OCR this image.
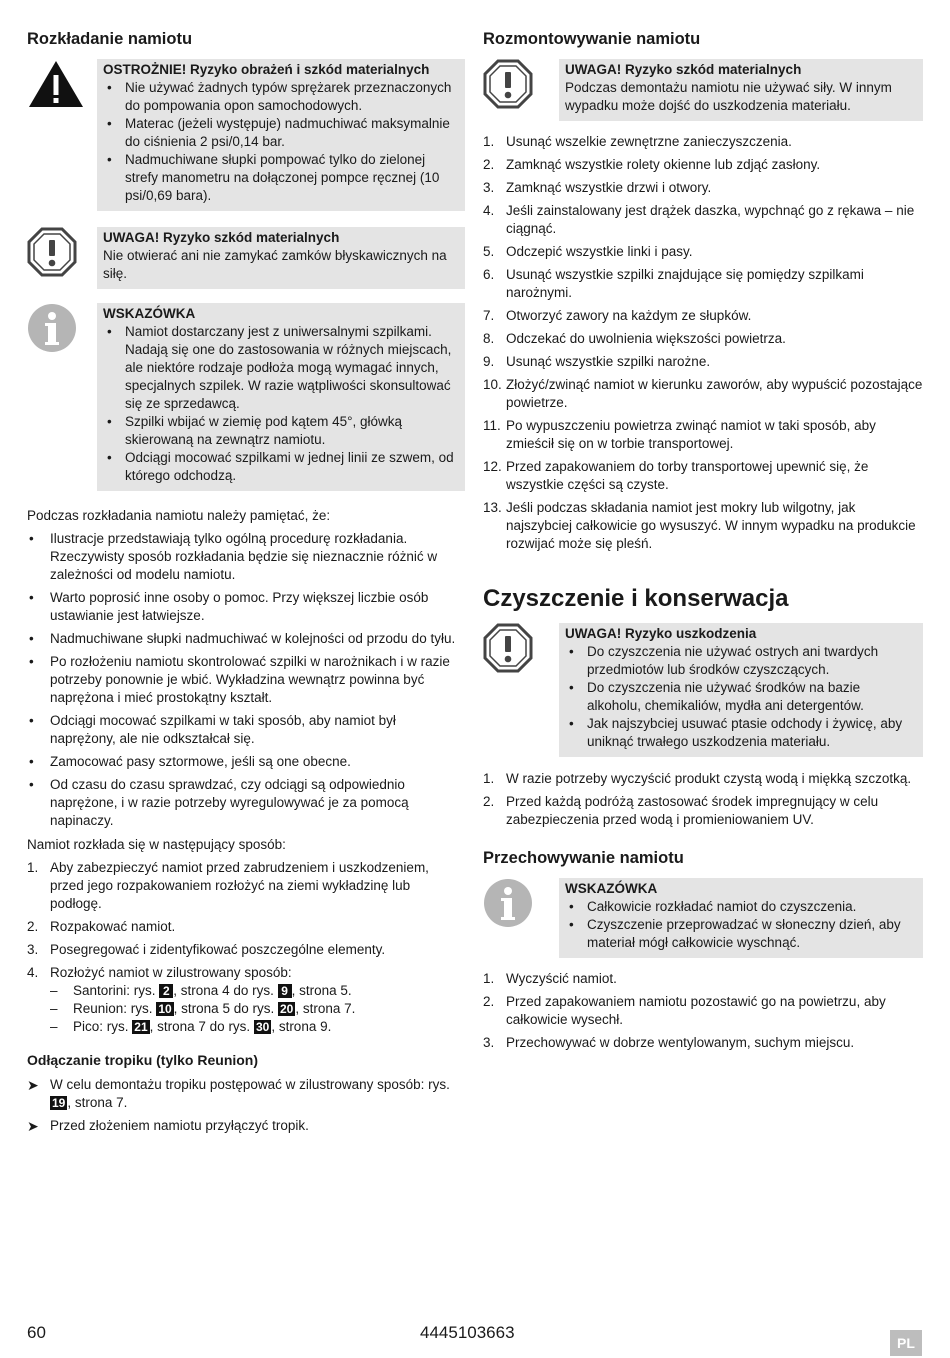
Rozkładanie namiotu
OSTROŻNIE! Ryzyko obrażeń i szkód materialnych
• Nie używać żadnych typów sprężarek przeznaczonych do pompowania opon samochodowych.
• Materac (jeżeli występuje) nadmuchiwać maksymalnie do ciśnienia 2 psi/0,14 bar.
• Nadmuchiwane słupki pompować tylko do zielonej strefy manometru na dołączonej pompce ręcznej (10 psi/0,69 bara).
UWAGA! Ryzyko szkód materialnych
Nie otwierać ani nie zamykać zamków błyskawicznych na siłę.
WSKAZÓWKA
• Namiot dostarczany jest z uniwersalnymi szpilkami. Nadają się one do zastosowania w różnych miejscach, ale niektóre rodzaje podłoża mogą wymagać innych, specjalnych szpilek. W razie wątpliwości skonsultować się ze sprzedawcą.
• Szpilki wbijać w ziemię pod kątem 45°, główką skierowaną na zewnątrz namiotu.
• Odciągi mocować szpilkami w jednej linii ze szwem, od którego odchodzą.
Podczas rozkładania namiotu należy pamiętać, że:
• Ilustracje przedstawiają tylko ogólną procedurę rozkładania. Rzeczywisty sposób rozkładania będzie się nieznacznie różnić w zależności od modelu namiotu.
• Warto poprosić inne osoby o pomoc. Przy większej liczbie osób ustawianie jest łatwiejsze.
• Nadmuchiwane słupki nadmuchiwać w kolejności od przodu do tyłu.
• Po rozłożeniu namiotu skontrolować szpilki w narożnikach i w razie potrzeby ponownie je wbić. Wykładzina wewnątrz powinna być naprężona i mieć prostokątny kształt.
• Odciągi mocować szpilkami w taki sposób, aby namiot był naprężony, ale nie odkształcał się.
• Zamocować pasy sztormowe, jeśli są one obecne.
• Od czasu do czasu sprawdzać, czy odciągi są odpowiednio naprężone, i w razie potrzeby wyregulowywać je za pomocą napinaczy.
Namiot rozkłada się w następujący sposób:
1. Aby zabezpieczyć namiot przed zabrudzeniem i uszkodzeniem, przed jego rozpakowaniem rozłożyć na ziemi wykładzinę lub podłogę.
2. Rozpakować namiot.
3. Posegregować i zidentyfikować poszczególne elementy.
4. Rozłożyć namiot w zilustrowany sposób:
– Santorini: rys. 2 , strona 4 do rys. 9 , strona 5.
– Reunion: rys. 10 , strona 5 do rys. 20 , strona 7.
– Pico: rys. 21 , strona 7 do rys. 30 , strona 9.
Odłączanie tropiku (tylko Reunion)
➤ W celu demontażu tropiku postępować w zilustrowany sposób: rys. 19 , strona 7.
➤ Przed złożeniem namiotu przyłączyć tropik.
Rozmontowywanie namiotu
UWAGA! Ryzyko szkód materialnych
Podczas demontażu namiotu nie używać siły. W innym wypadku może dojść do uszkodzenia materiału.
1. Usunąć wszelkie zewnętrzne zanieczyszczenia.
2. Zamknąć wszystkie rolety okienne lub zdjąć zasłony.
3. Zamknąć wszystkie drzwi i otwory.
4. Jeśli zainstalowany jest drążek daszka, wypchnąć go z rękawa – nie ciągnąć.
5. Odczepić wszystkie linki i pasy.
6. Usunąć wszystkie szpilki znajdujące się pomiędzy szpilkami narożnymi.
7. Otworzyć zawory na każdym ze słupków.
8. Odczekać do uwolnienia większości powietrza.
9. Usunąć wszystkie szpilki narożne.
10. Złożyć/zwinąć namiot w kierunku zaworów, aby wypuścić pozostające powietrze.
11. Po wypuszczeniu powietrza zwinąć namiot w taki sposób, aby zmieścił się on w torbie transportowej.
12. Przed zapakowaniem do torby transportowej upewnić się, że wszystkie części są czyste.
13. Jeśli podczas składania namiot jest mokry lub wilgotny, jak najszybciej całkowicie go wysuszyć. W innym wypadku na produkcie rozwijać może się pleśń.
Czyszczenie i konserwacja
UWAGA! Ryzyko uszkodzenia
• Do czyszczenia nie używać ostrych ani twardych przedmiotów lub środków czyszczących.
• Do czyszczenia nie używać środków na bazie alkoholu, chemikaliów, mydła ani detergentów.
• Jak najszybciej usuwać ptasie odchody i żywicę, aby uniknąć trwałego uszkodzenia materiału.
1. W razie potrzeby wyczyścić produkt czystą wodą i miękką szczotką.
2. Przed każdą podróżą zastosować środek impregnujący w celu zabezpieczenia przed wodą i promieniowaniem UV.
Przechowywanie namiotu
WSKAZÓWKA
• Całkowicie rozkładać namiot do czyszczenia.
• Czyszczenie przeprowadzać w słoneczny dzień, aby materiał mógł całkowicie wyschnąć.
1. Wyczyścić namiot.
2. Przed zapakowaniem namiotu pozostawić go na powietrzu, aby całkowicie wysechł.
3. Przechowywać w dobrze wentylowanym, suchym miejscu.
60	4445103663
PL
